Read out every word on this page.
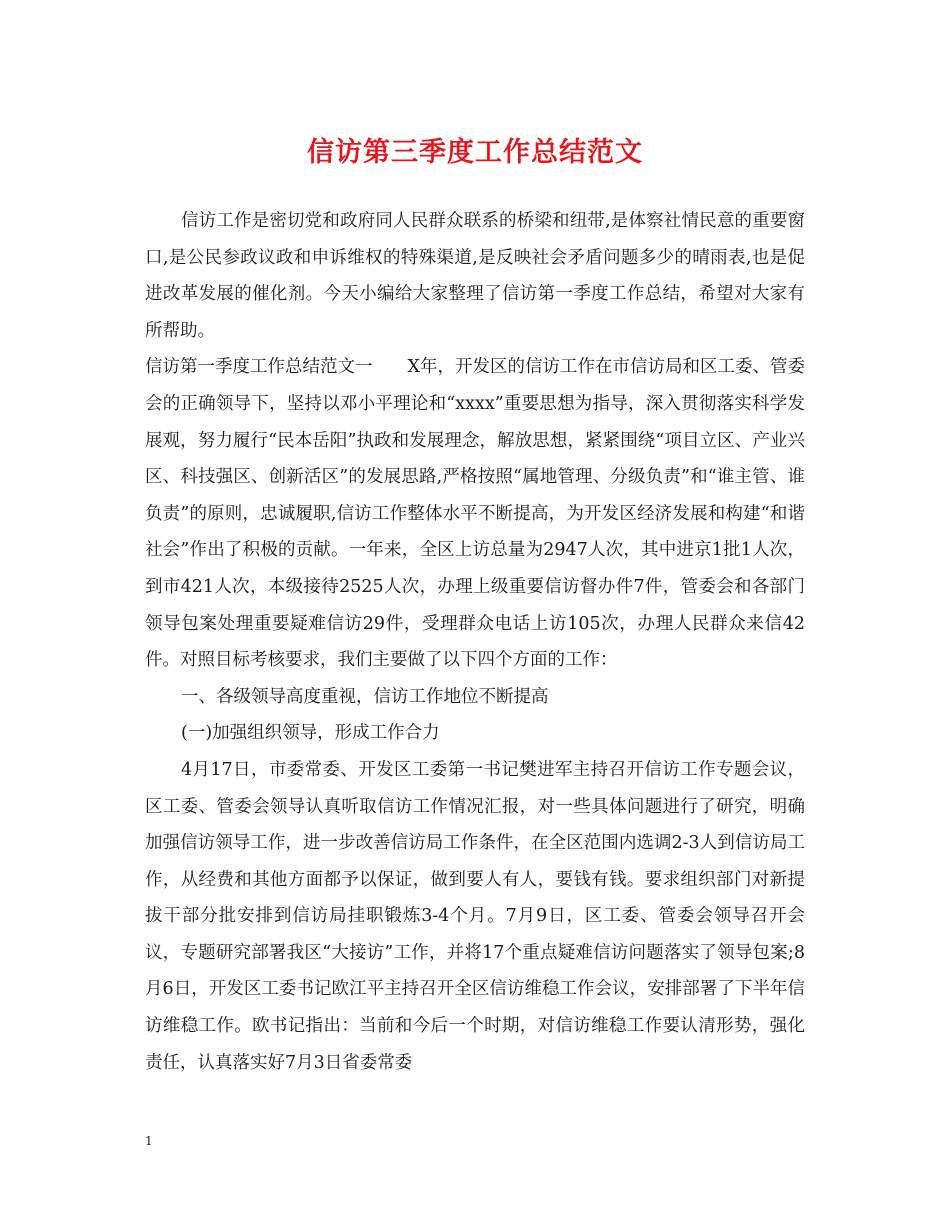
信访第三季度工作总结范文

信访工作是密切党和政府同人民群众联系的桥梁和纽带,是体察社情民意的重要窗口,是公民参政议政和申诉维权的特殊渠道,是反映社会矛盾问题多少的晴雨表,也是促进改革发展的催化剂。今天小编给大家整理了信访第一季度工作总结，希望对大家有所帮助。

信访第一季度工作总结范文一　　X年，开发区的信访工作在市信访局和区工委、管委会的正确领导下，坚持以邓小平理论和“xxxx”重要思想为指导，深入贯彻落实科学发展观，努力履行“民本岳阳”执政和发展理念，解放思想，紧紧围绕“项目立区、产业兴区、科技强区、创新活区”的发展思路,严格按照“属地管理、分级负责”和“谁主管、谁负责”的原则，忠诚履职,信访工作整体水平不断提高，为开发区经济发展和构建“和谐社会”作出了积极的贡献。一年来，全区上访总量为2947人次，其中进京1批1人次，到市421人次，本级接待2525人次，办理上级重要信访督办件7件，管委会和各部门领导包案处理重要疑难信访29件，受理群众电话上访105次，办理人民群众来信42件。对照目标考核要求，我们主要做了以下四个方面的工作：

一、各级领导高度重视，信访工作地位不断提高

(一)加强组织领导，形成工作合力

4月17日，市委常委、开发区工委第一书记樊进军主持召开信访工作专题会议，区工委、管委会领导认真听取信访工作情况汇报，对一些具体问题进行了研究，明确加强信访领导工作，进一步改善信访局工作条件，在全区范围内选调2-3人到信访局工作，从经费和其他方面都予以保证，做到要人有人，要钱有钱。要求组织部门对新提拔干部分批安排到信访局挂职锻炼3-4个月。7月9日，区工委、管委会领导召开会议，专题研究部署我区“大接访”工作，并将17个重点疑难信访问题落实了领导包案;8月6日，开发区工委书记欧江平主持召开全区信访维稳工作会议，安排部署了下半年信访维稳工作。欧书记指出：当前和今后一个时期，对信访维稳工作要认清形势，强化责任，认真落实好7月3日省委常委

1
